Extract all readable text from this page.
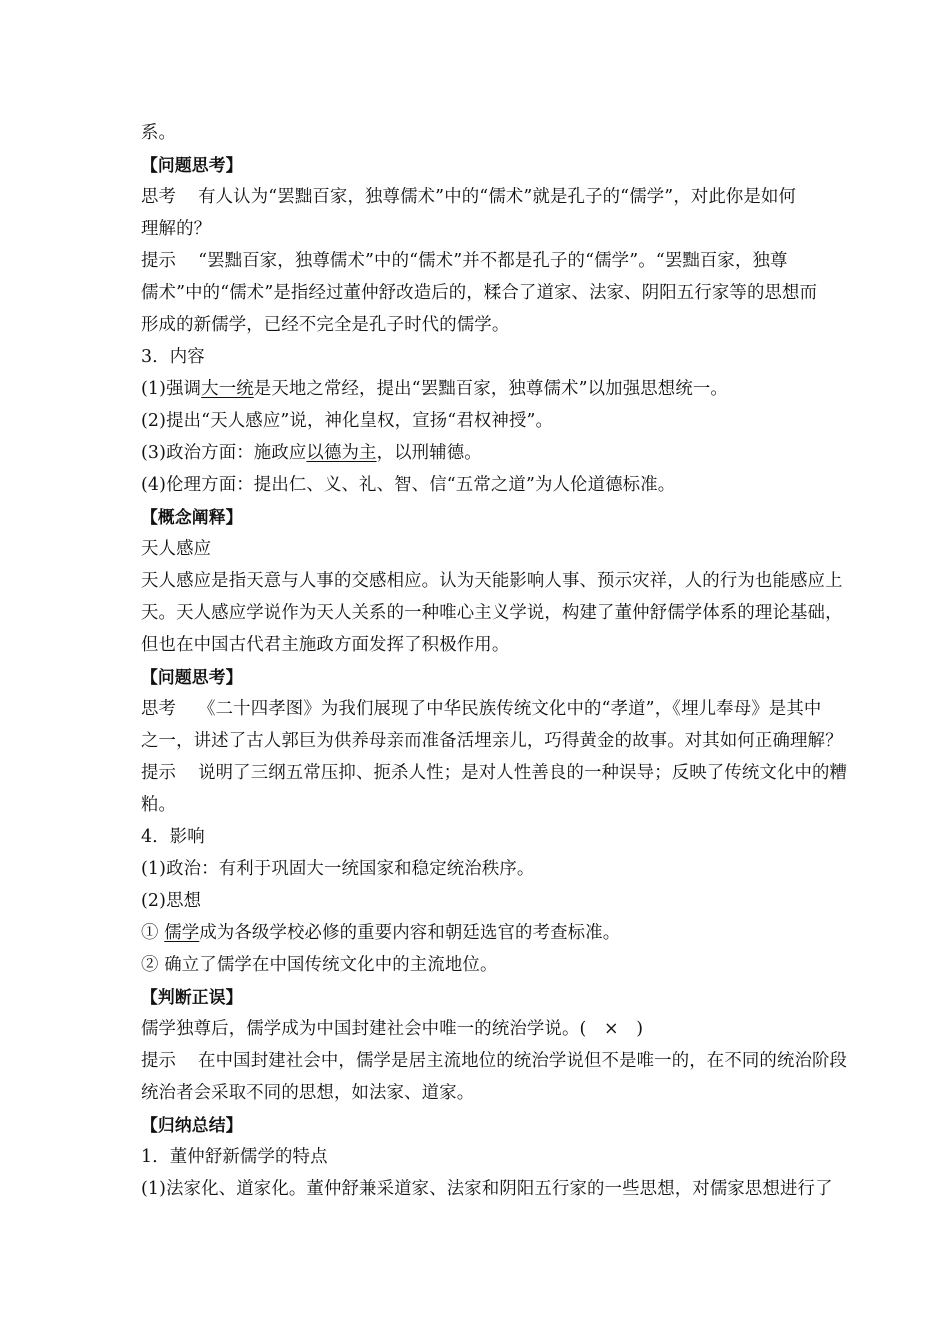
系。
【问题思考】
思考 有人认为“罢黜百家，独尊儒术”中的“儒术”就是孔子的“儒学”，对此你是如何
理解的？
提示 “罢黜百家，独尊儒术”中的“儒术”并不都是孔子的“儒学”。“罢黜百家，独尊
儒术”中的“儒术”是指经过董仲舒改造后的，糅合了道家、法家、阴阳五行家等的思想而
形成的新儒学，已经不完全是孔子时代的儒学。
3．内容
(1)强调大一统是天地之常经，提出“罢黜百家，独尊儒术”以加强思想统一。
(2)提出“天人感应”说，神化皇权，宣扬“君权神授”。
(3)政治方面：施政应以德为主，以刑辅德。
(4)伦理方面：提出仁、义、礼、智、信“五常之道”为人伦道德标准。
【概念阐释】
天人感应
天人感应是指天意与人事的交感相应。认为天能影响人事、预示灾祥，人的行为也能感应上
天。天人感应学说作为天人关系的一种唯心主义学说，构建了董仲舒儒学体系的理论基础，
但也在中国古代君主施政方面发挥了积极作用。
【问题思考】
思考 《二十四孝图》为我们展现了中华民族传统文化中的“孝道”，《埋儿奉母》是其中
之一，讲述了古人郭巨为供养母亲而准备活埋亲儿，巧得黄金的故事。对其如何正确理解？
提示 说明了三纲五常压抑、扼杀人性；是对人性善良的一种误导；反映了传统文化中的糟
粕。
4．影响
(1)政治：有利于巩固大一统国家和稳定统治秩序。
(2)思想
① 儒学成为各级学校必修的重要内容和朝廷选官的考查标准。
② 确立了儒学在中国传统文化中的主流地位。
【判断正误】
儒学独尊后，儒学成为中国封建社会中唯一的统治学说。(　×　)
提示 在中国封建社会中，儒学是居主流地位的统治学说但不是唯一的，在不同的统治阶段
统治者会采取不同的思想，如法家、道家。
【归纳总结】
1．董仲舒新儒学的特点
(1)法家化、道家化。董仲舒兼采道家、法家和阴阳五行家的一些思想，对儒家思想进行了
